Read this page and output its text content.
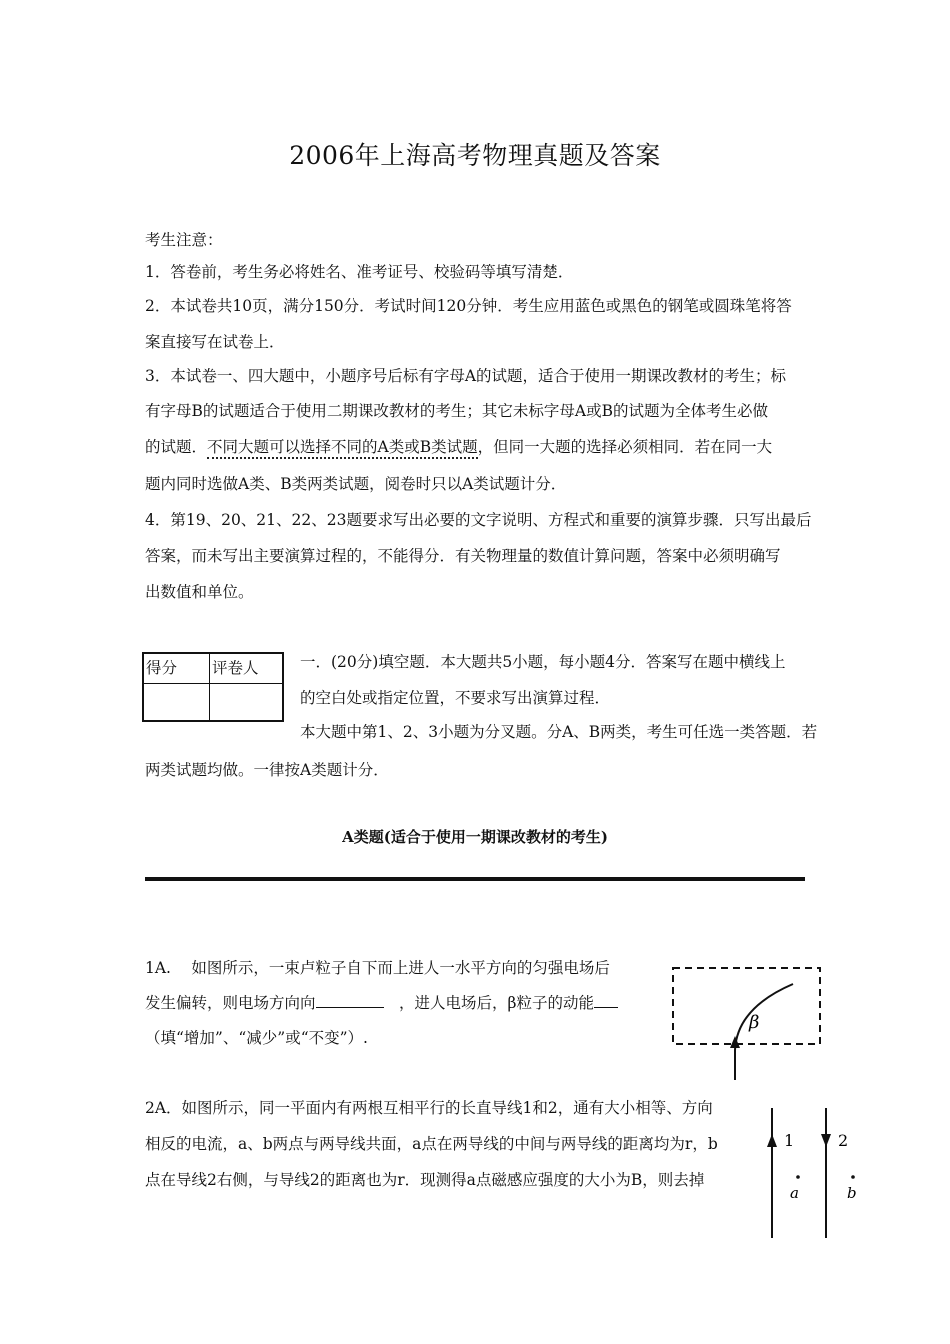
2006年上海高考物理真题及答案
考生注意：
1．答卷前，考生务必将姓名、准考证号、校验码等填写清楚．
2．本试卷共10页，满分150分．考试时间120分钟．考生应用蓝色或黑色的钢笔或圆珠笔将答
案直接写在试卷上．
3．本试卷一、四大题中，小题序号后标有字母A的试题，适合于使用一期课改教材的考生；标
有字母B的试题适合于使用二期课改教材的考生；其它未标字母A或B的试题为全体考生必做
的试题．不同大题可以选择不同的A类或B类试题，但同一大题的选择必须相同．若在同一大
题内同时选做A类、B类两类试题，阅卷时只以A类试题计分．
4．第19、20、21、22、23题要求写出必要的文字说明、方程式和重要的演算步骤．只写出最后
答案，而未写出主要演算过程的，不能得分．有关物理量的数值计算问题，答案中必须明确写
出数值和单位。
得分 评卷人	一．(20分)填空题．本大题共5小题，每小题4分．答案写在题中横线上
的空白处或指定位置，不要求写出演算过程．
本大题中第1、2、3小题为分叉题。分A、B两类，考生可任选一类答题．若
两类试题均做。一律按A类题计分．
A类题(适合于使用一期课改教材的考生)
1A.　 如图所示，一束卢粒子自下而上进人一水平方向的匀强电场后
发生偏转，则电场方向向	　，进人电场后，β粒子的动能
（填“增加”、“减少”或“不变”）.
β
2A．如图所示，同一平面内有两根互相平行的长直导线1和2，通有大小相等、方向
相反的电流，a、b两点与两导线共面，a点在两导线的中间与两导线的距离均为r，b
点在导线2右侧，与导线2的距离也为r．现测得a点磁感应强度的大小为B，则去掉
1	2
a	b
